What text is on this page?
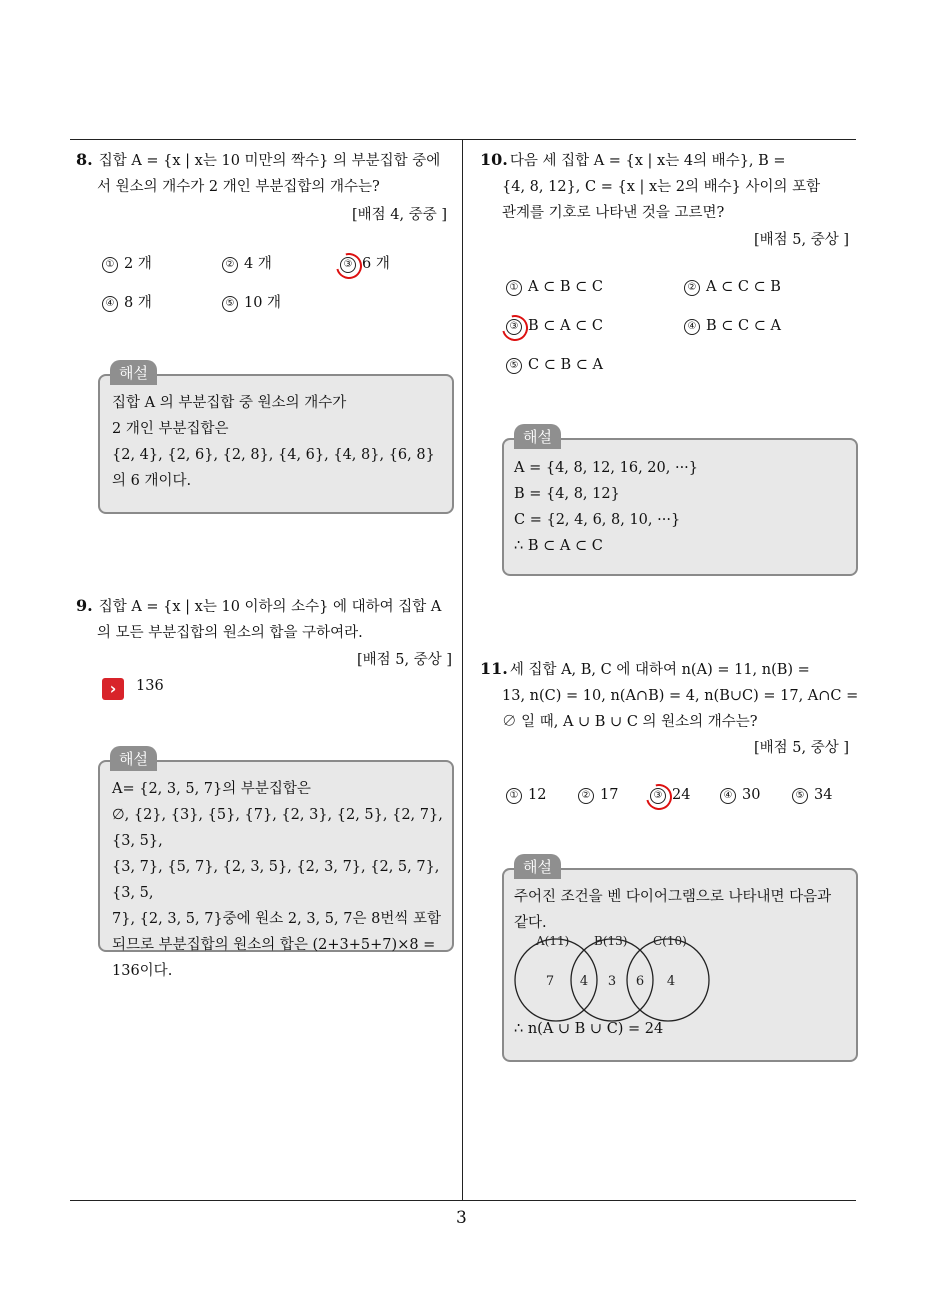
8. 집합 A = {x | x는 10 미만의 짝수} 의 부분집합 중에
서 원소의 개수가 2 개인 부분집합의 개수는?
[배점 4, 중중 ]
① 2 개	② 4 개	③ 6 개
④ 8 개	⑤ 10 개
해설
집합 A 의 부분집합 중 원소의 개수가
2 개인 부분집합은
{2, 4}, {2, 6}, {2, 8}, {4, 6}, {4, 8}, {6, 8}
의 6 개이다.
9. 집합 A = {x | x는 10 이하의 소수} 에 대하여 집합 A
의 모든 부분집합의 원소의 합을 구하여라.
[배점 5, 중상 ]
›	136
해설
A= {2, 3, 5, 7}의 부분집합은
∅, {2}, {3}, {5}, {7}, {2, 3}, {2, 5}, {2, 7}, {3, 5},
{3, 7}, {5, 7}, {2, 3, 5}, {2, 3, 7}, {2, 5, 7}, {3, 5,
7}, {2, 3, 5, 7}중에 원소 2, 3, 5, 7은 8번씩 포함
되므로 부분집합의 원소의 합은 (2+3+5+7)×8 =
136이다.
10. 다음 세 집합 A = {x | x는 4의 배수}, B =
{4, 8, 12}, C = {x | x는 2의 배수} 사이의 포함
관계를 기호로 나타낸 것을 고르면?
[배점 5, 중상 ]
① A ⊂ B ⊂ C	② A ⊂ C ⊂ B
③ B ⊂ A ⊂ C	④ B ⊂ C ⊂ A
⑤ C ⊂ B ⊂ A
해설
A = {4, 8, 12, 16, 20, ···}
B = {4, 8, 12}
C = {2, 4, 6, 8, 10, ···}
∴ B ⊂ A ⊂ C
11. 세 집합 A, B, C 에 대하여 n(A) = 11, n(B) =
13, n(C) = 10, n(A∩B) = 4, n(B∪C) = 17, A∩C =
∅ 일 때, A ∪ B ∪ C 의 원소의 개수는?
[배점 5, 중상 ]
① 12	② 17	③ 24	④ 30	⑤ 34
해설
주어진 조건을 벤 다이어그램으로 나타내면 다음과
같다.
A(11) B(13) C(10)
7 4 3 6 4
∴ n(A ∪ B ∪ C) = 24
3
